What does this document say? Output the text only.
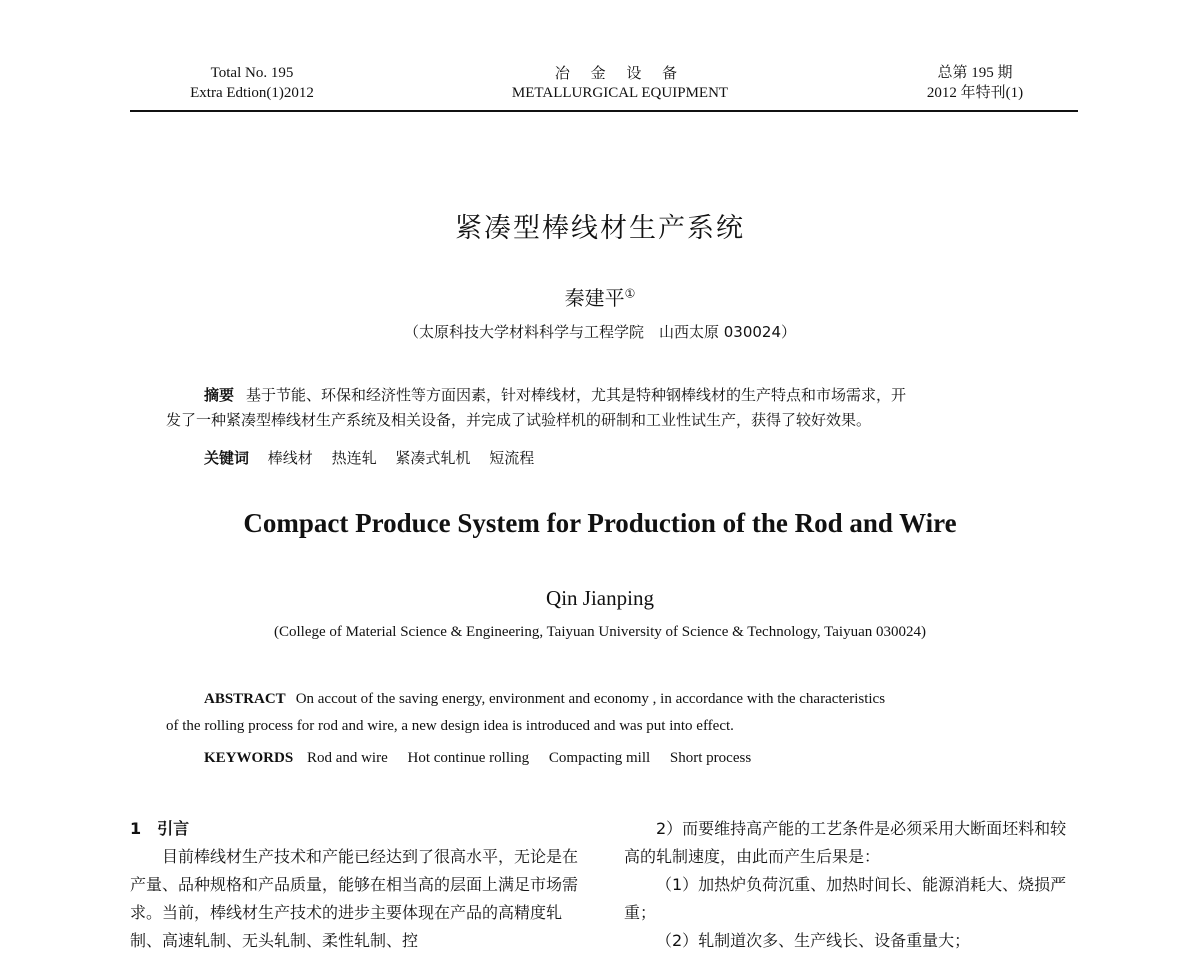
Total No. 195
Extra Edtion(1)2012
冶 金 设 备
METALLURGICAL EQUIPMENT
总第 195 期
2012 年特刊(1)
紧凑型棒线材生产系统
秦建平①
（太原科技大学材料科学与工程学院　山西太原 030024）
摘要 基于节能、环保和经济性等方面因素，针对棒线材，尤其是特种钢棒线材的生产特点和市场需求，开
发了一种紧凑型棒线材生产系统及相关设备，并完成了试验样机的研制和工业性试生产，获得了较好效果。
关键词 棒线材 热连轧 紧凑式轧机 短流程
Compact Produce System for Production of the Rod and Wire
Qin Jianping
(College of Material Science & Engineering, Taiyuan University of Science & Technology, Taiyuan 030024)
ABSTRACT On accout of the saving energy, environment and economy , in accordance with the characteristics
of the rolling process for rod and wire, a new design idea is introduced and was put into effect.
KEYWORDS Rod and wire Hot continue rolling Compacting mill Short process

1 引言

目前棒线材生产技术和产能已经达到了很高水平，无论是在产量、品种规格和产品质量，能够在相当高的层面上满足市场需求。当前，棒线材生产技术的进步主要体现在产品的高精度轧制、高速轧制、无头轧制、柔性轧制、控

2）而要维持高产能的工艺条件是必须采用大断面坯料和较高的轧制速度，由此而产生后果是：

（1）加热炉负荷沉重、加热时间长、能源消耗大、烧损严重；

（2）轧制道次多、生产线长、设备重量大；
